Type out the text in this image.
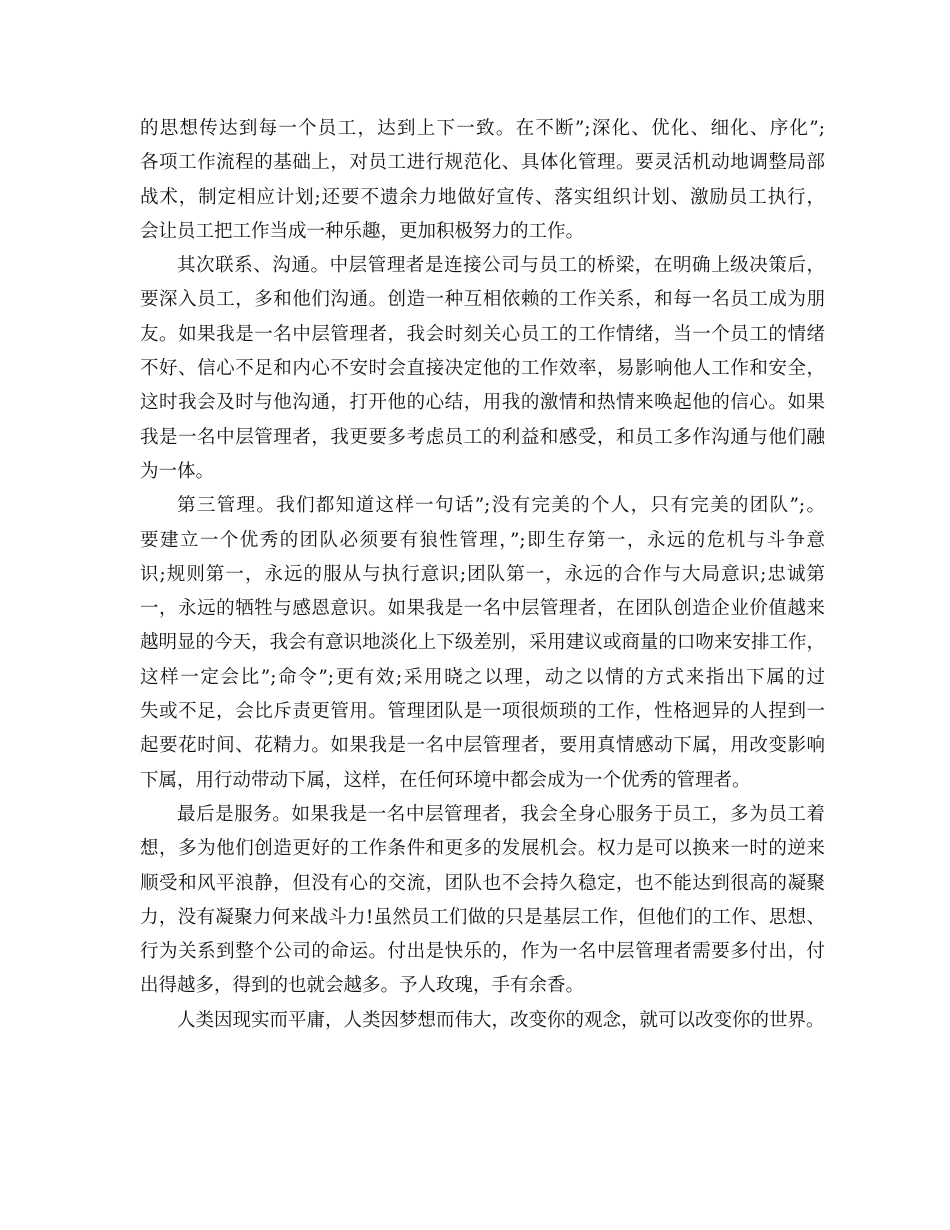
的思想传达到每一个员工，达到上下一致。在不断”;深化、优化、细化、序化”;
各项工作流程的基础上，对员工进行规范化、具体化管理。要灵活机动地调整局部
战术，制定相应计划;还要不遗余力地做好宣传、落实组织计划、激励员工执行，
会让员工把工作当成一种乐趣，更加积极努力的工作。
其次联系、沟通。中层管理者是连接公司与员工的桥梁，在明确上级决策后，
要深入员工，多和他们沟通。创造一种互相依赖的工作关系，和每一名员工成为朋
友。如果我是一名中层管理者，我会时刻关心员工的工作情绪，当一个员工的情绪
不好、信心不足和内心不安时会直接决定他的工作效率，易影响他人工作和安全，
这时我会及时与他沟通，打开他的心结，用我的激情和热情来唤起他的信心。如果
我是一名中层管理者，我更要多考虑员工的利益和感受，和员工多作沟通与他们融
为一体。
第三管理。我们都知道这样一句话”;没有完美的个人，只有完美的团队”;。
要建立一个优秀的团队必须要有狼性管理，”;即生存第一，永远的危机与斗争意
识;规则第一，永远的服从与执行意识;团队第一，永远的合作与大局意识;忠诚第
一，永远的牺牲与感恩意识。如果我是一名中层管理者，在团队创造企业价值越来
越明显的今天，我会有意识地淡化上下级差别，采用建议或商量的口吻来安排工作，
这样一定会比”;命令”;更有效;采用晓之以理，动之以情的方式来指出下属的过
失或不足，会比斥责更管用。管理团队是一项很烦琐的工作，性格迥异的人捏到一
起要花时间、花精力。如果我是一名中层管理者，要用真情感动下属，用改变影响
下属，用行动带动下属，这样，在任何环境中都会成为一个优秀的管理者。
最后是服务。如果我是一名中层管理者，我会全身心服务于员工，多为员工着
想，多为他们创造更好的工作条件和更多的发展机会。权力是可以换来一时的逆来
顺受和风平浪静，但没有心的交流，团队也不会持久稳定，也不能达到很高的凝聚
力，没有凝聚力何来战斗力!虽然员工们做的只是基层工作，但他们的工作、思想、
行为关系到整个公司的命运。付出是快乐的，作为一名中层管理者需要多付出，付
出得越多，得到的也就会越多。予人玫瑰，手有余香。
人类因现实而平庸，人类因梦想而伟大，改变你的观念，就可以改变你的世界。
